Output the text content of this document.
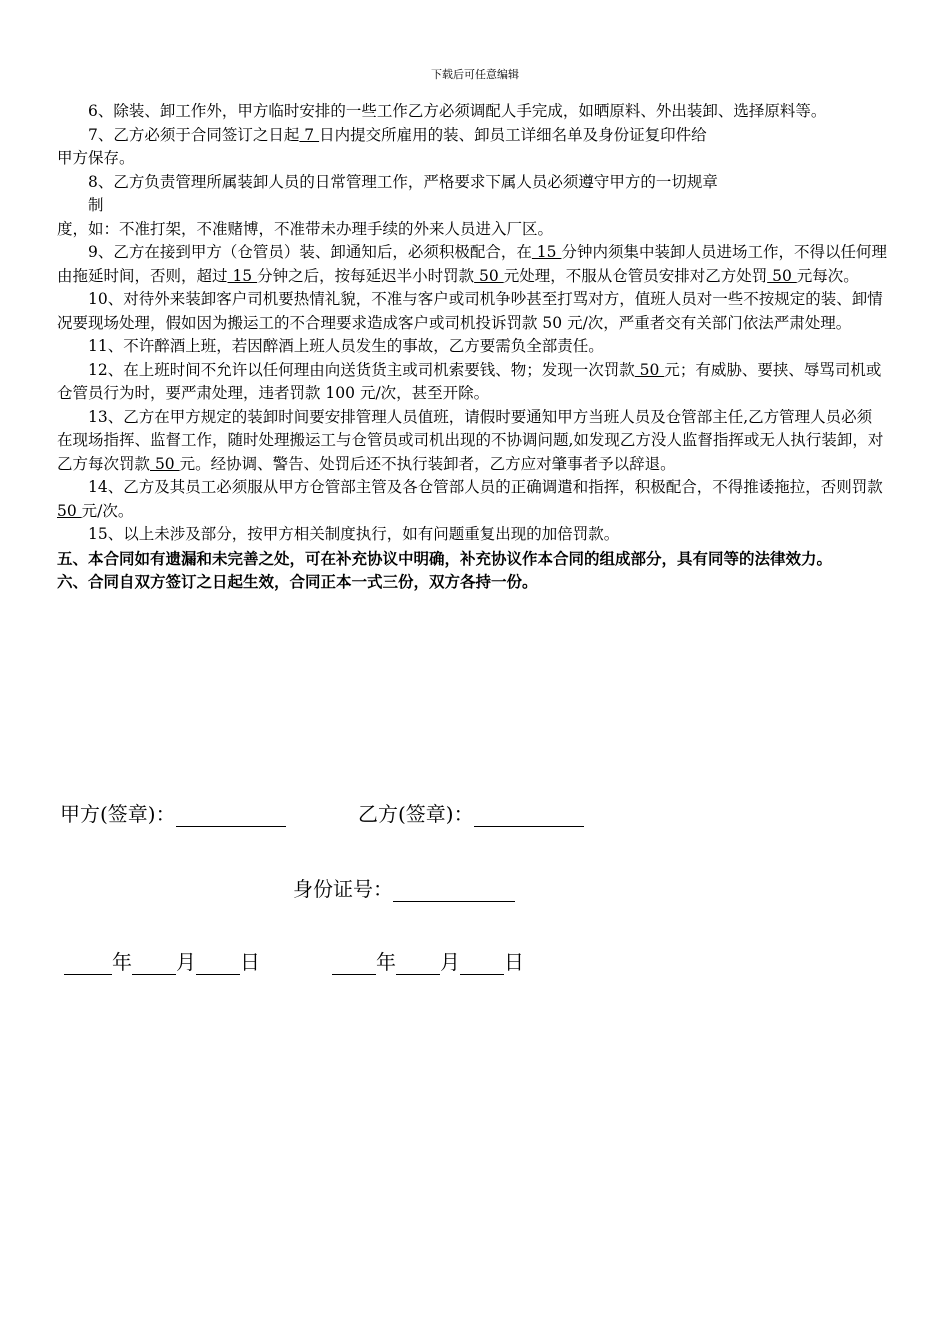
下载后可任意编辑

6、除装、卸工作外，甲方临时安排的一些工作乙方必须调配人手完成，如晒原料、外出装卸、选择原料等。

7、乙方必须于合同签订之日起 7 日内提交所雇用的装、卸员工详细名单及身份证复印件给

甲方保存。

8、乙方负责管理所属装卸人员的日常管理工作，严格要求下属人员必须遵守甲方的一切规章

制

度，如：不准打架，不准赌博，不准带未办理手续的外来人员进入厂区。

9、乙方在接到甲方（仓管员）装、卸通知后，必须积极配合，在 15 分钟内须集中装卸人员进场工作，不得以任何理由拖延时间，否则，超过 15 分钟之后，按每延迟半小时罚款 50 元处理，不服从仓管员安排对乙方处罚 50 元每次。

10、对待外来装卸客户司机要热情礼貌，不准与客户或司机争吵甚至打骂对方，值班人员对一些不按规定的装、卸情况要现场处理，假如因为搬运工的不合理要求造成客户或司机投诉罚款 50 元/次，严重者交有关部门依法严肃处理。

11、不许醉酒上班，若因醉酒上班人员发生的事故，乙方要需负全部责任。

12、在上班时间不允许以任何理由向送货货主或司机索要钱、物；发现一次罚款 50 元；有威胁、要挟、辱骂司机或仓管员行为时，要严肃处理，违者罚款 100 元/次，甚至开除。

13、乙方在甲方规定的装卸时间要安排管理人员值班，请假时要通知甲方当班人员及仓管部主任,乙方管理人员必须在现场指挥、监督工作，随时处理搬运工与仓管员或司机出现的不协调问题,如发现乙方没人监督指挥或无人执行装卸，对乙方每次罚款 50 元。经协调、警告、处罚后还不执行装卸者，乙方应对肇事者予以辞退。

14、乙方及其员工必须服从甲方仓管部主管及各仓管部人员的正确调遣和指挥，积极配合，不得推诿拖拉，否则罚款 50 元/次。

15、以上未涉及部分，按甲方相关制度执行，如有问题重复出现的加倍罚款。

五、本合同如有遗漏和未完善之处，可在补充协议中明确，补充协议作本合同的组成部分，具有同等的法律效力。

六、合同自双方签订之日起生效，合同正本一式三份，双方各持一份。

甲方(签章)：	乙方(签章)：
身份证号：
年 月 日	年 月 日
